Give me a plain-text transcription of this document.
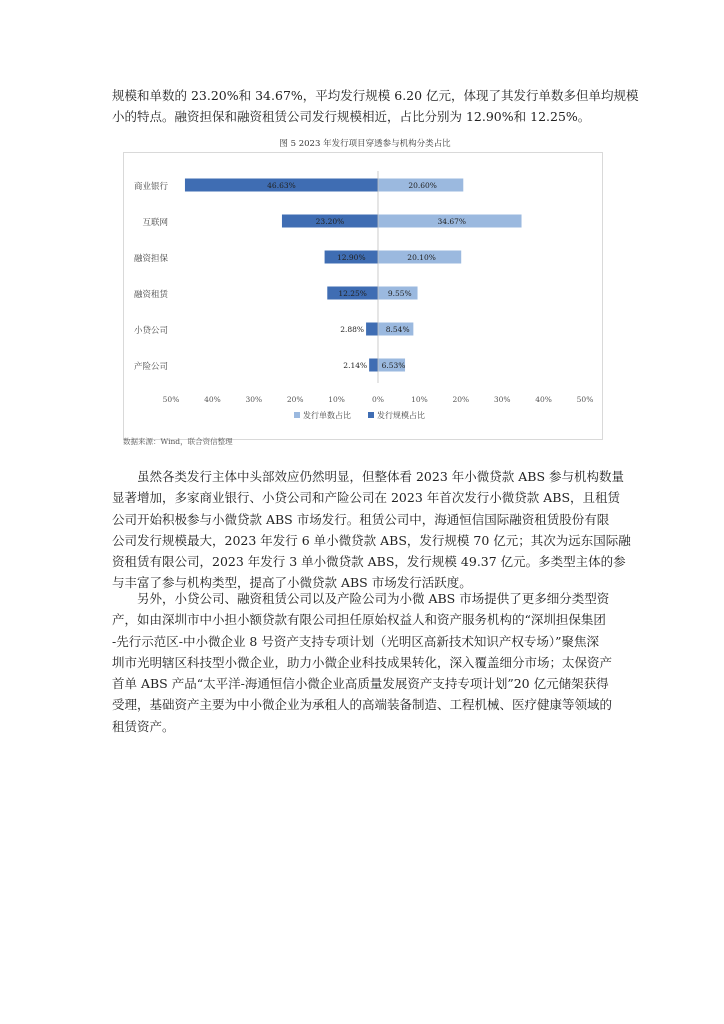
规模和单数的 23.20%和 34.67%，平均发行规模 6.20 亿元，体现了其发行单数多但单均规模
小的特点。融资担保和融资租赁公司发行规模相近，占比分别为 12.90%和 12.25%。
图 5 2023 年发行项目穿透参与机构分类占比
商业银行	46.63%	20.60%
互联网	23.20%	34.67%
融资担保	12.90%	20.10%
融资租赁	12.25%	9.55%
小贷公司	2.88%	8.54%
产险公司	2.14% 6.53%
50%	40%	30%	20%	10%	0%	10%	20%	30%	40%	50%
发行单数占比	发行规模占比
数据来源：Wind，联合资信整理
虽然各类发行主体中头部效应仍然明显，但整体看 2023 年小微贷款 ABS 参与机构数量
显著增加，多家商业银行、小贷公司和产险公司在 2023 年首次发行小微贷款 ABS，且租赁
公司开始积极参与小微贷款 ABS 市场发行。租赁公司中，海通恒信国际融资租赁股份有限
公司发行规模最大，2023 年发行 6 单小微贷款 ABS，发行规模 70 亿元；其次为远东国际融
资租赁有限公司，2023 年发行 3 单小微贷款 ABS，发行规模 49.37 亿元。多类型主体的参
与丰富了参与机构类型，提高了小微贷款 ABS 市场发行活跃度。
另外，小贷公司、融资租赁公司以及产险公司为小微 ABS 市场提供了更多细分类型资
产，如由深圳市中小担小额贷款有限公司担任原始权益人和资产服务机构的“深圳担保集团
-先行示范区-中小微企业 8 号资产支持专项计划（光明区高新技术知识产权专场）”聚焦深
圳市光明辖区科技型小微企业，助力小微企业科技成果转化，深入覆盖细分市场；太保资产
首单 ABS 产品“太平洋-海通恒信小微企业高质量发展资产支持专项计划”20 亿元储架获得
受理，基础资产主要为中小微企业为承租人的高端装备制造、工程机械、医疗健康等领域的
租赁资产。
